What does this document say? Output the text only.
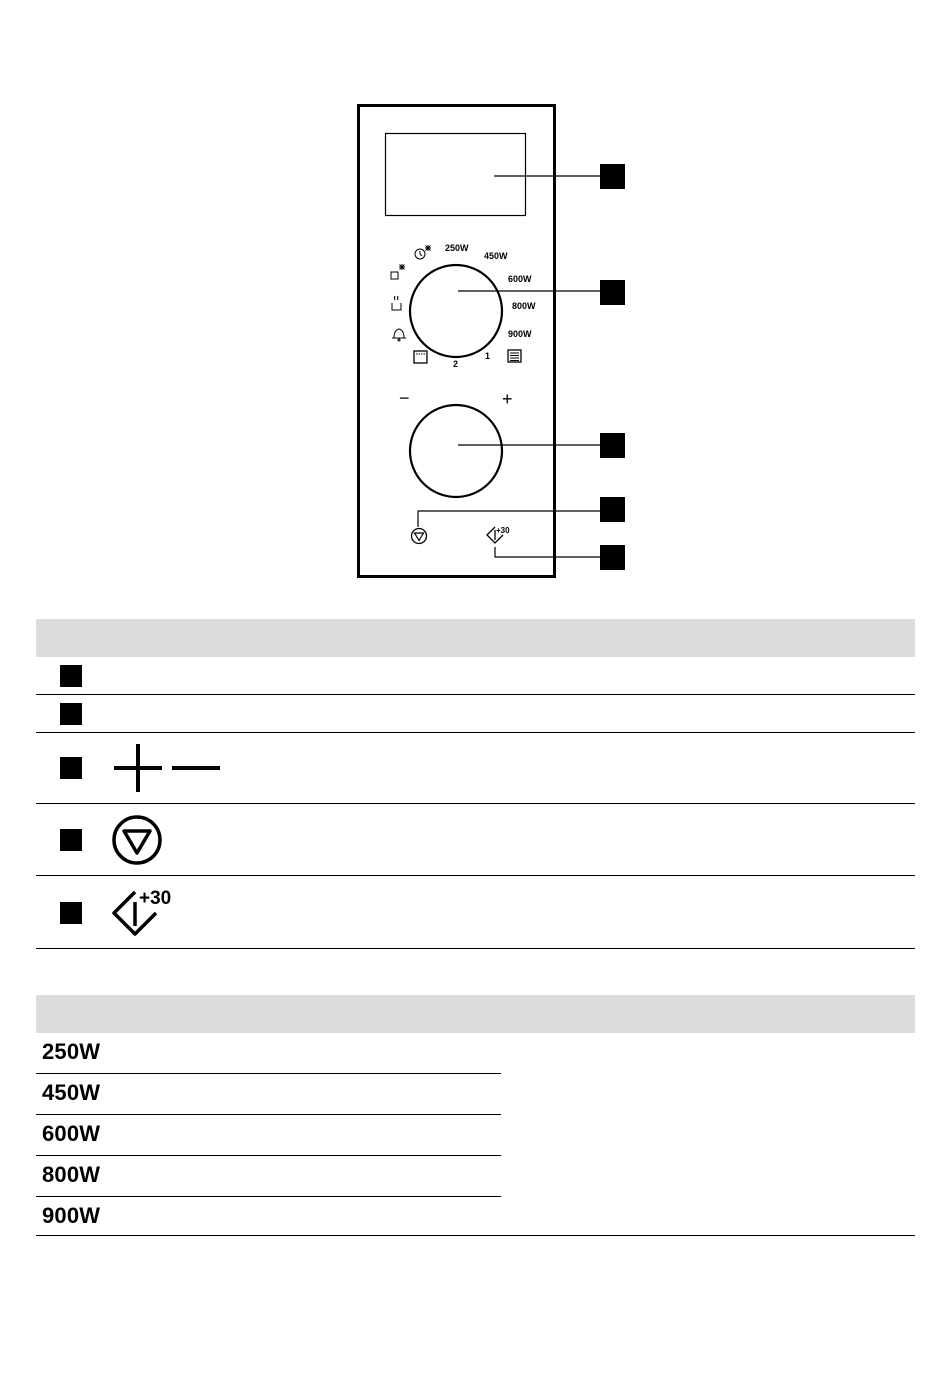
250W
450W
600W
800W
900W
2
1
−	+
+30
+30
250W
450W
600W
800W
900W
